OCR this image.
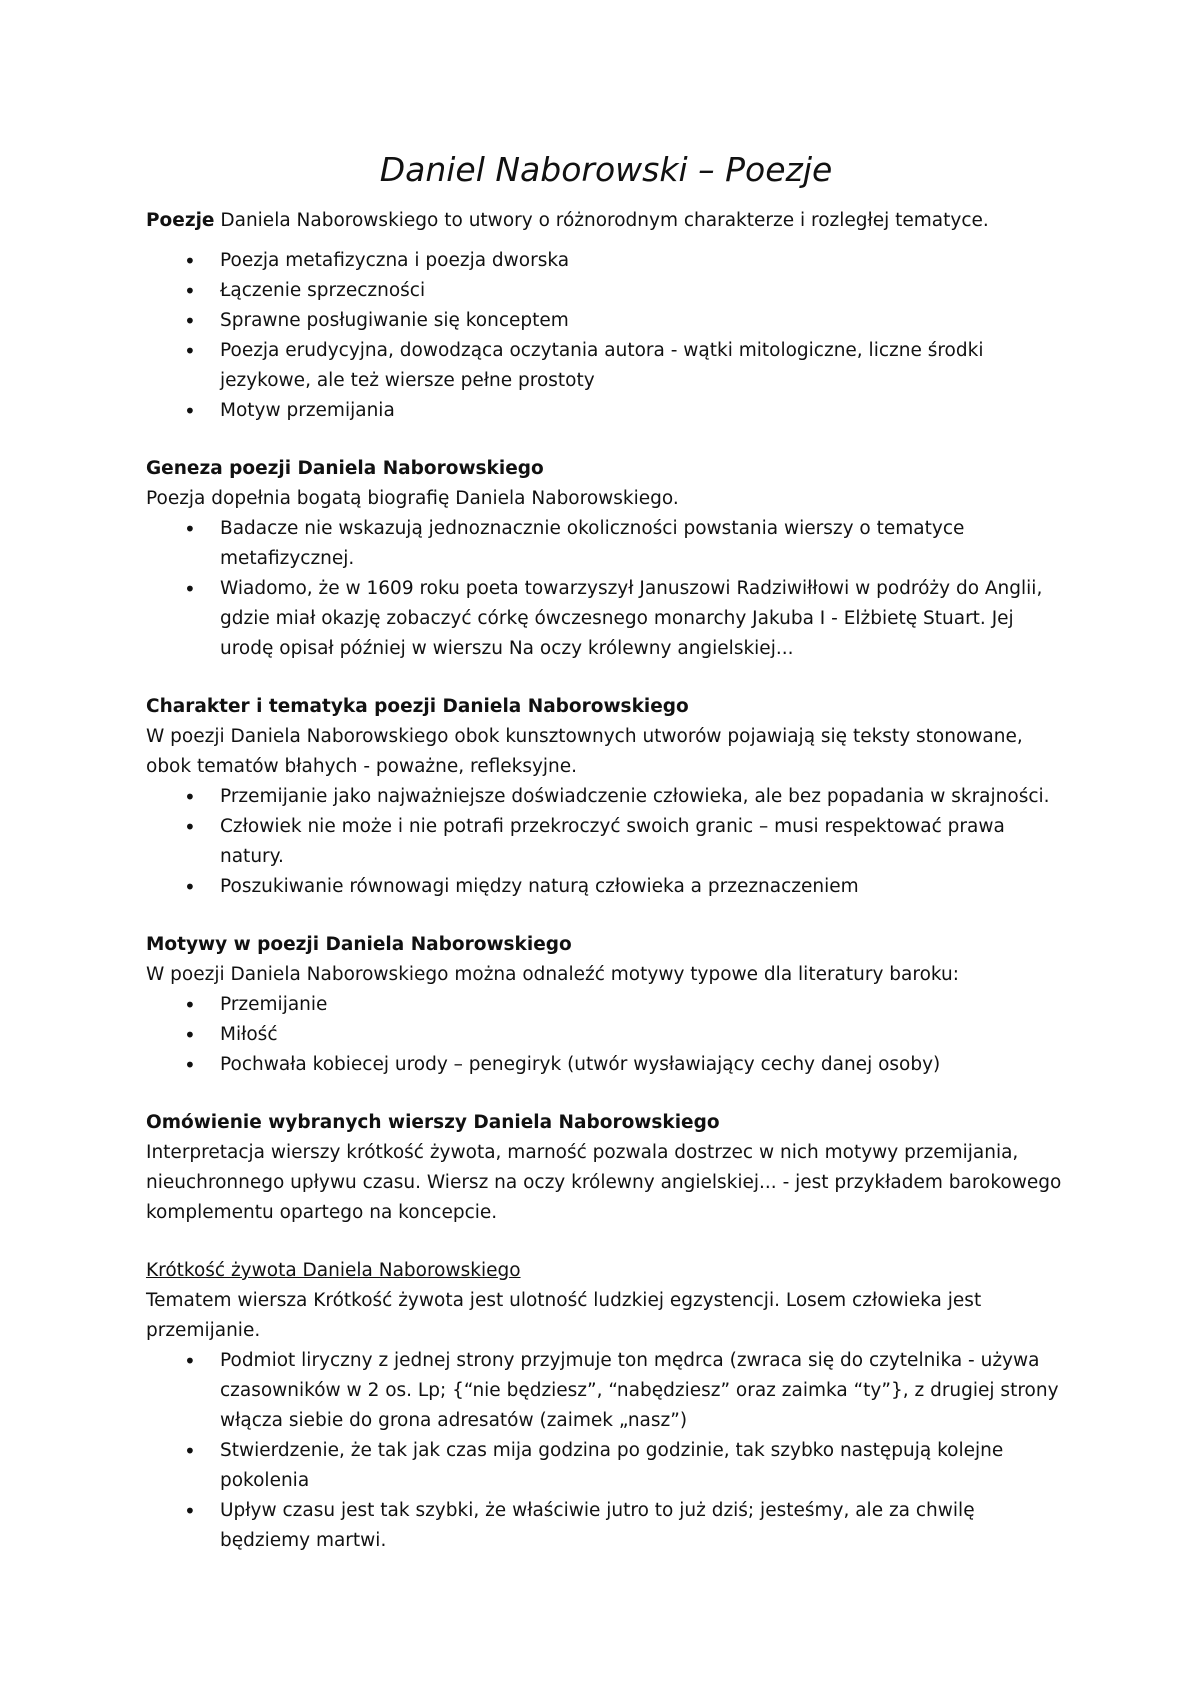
Daniel Naborowski – Poezje

Poezje Daniela Naborowskiego to utwory o różnorodnym charakterze i rozległej tematyce.

• Poezja metafizyczna i poezja dworska
• Łączenie sprzeczności
• Sprawne posługiwanie się konceptem
• Poezja erudycyjna, dowodząca oczytania autora - wątki mitologiczne, liczne środki jezykowe, ale też wiersze pełne prostoty
• Motyw przemijania

Geneza poezji Daniela Naborowskiego

Poezja dopełnia bogatą biografię Daniela Naborowskiego.

• Badacze nie wskazują jednoznacznie okoliczności powstania wierszy o tematyce metafizycznej.
• Wiadomo, że w 1609 roku poeta towarzyszył Januszowi Radziwiłłowi w podróży do Anglii, gdzie miał okazję zobaczyć córkę ówczesnego monarchy Jakuba I - Elżbietę Stuart. Jej urodę opisał później w wierszu Na oczy królewny angielskiej...

Charakter i tematyka poezji Daniela Naborowskiego

W poezji Daniela Naborowskiego obok kunsztownych utworów pojawiają się teksty stonowane, obok tematów błahych - poważne, refleksyjne.

• Przemijanie jako najważniejsze doświadczenie człowieka, ale bez popadania w skrajności.
• Człowiek nie może i nie potrafi przekroczyć swoich granic – musi respektować prawa natury.
• Poszukiwanie równowagi między naturą człowieka a przeznaczeniem

Motywy w poezji Daniela Naborowskiego

W poezji Daniela Naborowskiego można odnaleźć motywy typowe dla literatury baroku:

• Przemijanie
• Miłość
• Pochwała kobiecej urody – penegiryk (utwór wysławiający cechy danej osoby)

Omówienie wybranych wierszy Daniela Naborowskiego

Interpretacja wierszy krótkość żywota, marność pozwala dostrzec w nich motywy przemijania, nieuchronnego upływu czasu. Wiersz na oczy królewny angielskiej... - jest przykładem barokowego komplementu opartego na koncepcie.

Krótkość żywota Daniela Naborowskiego

Tematem wiersza Krótkość żywota jest ulotność ludzkiej egzystencji. Losem człowieka jest przemijanie.

• Podmiot liryczny z jednej strony przyjmuje ton mędrca (zwraca się do czytelnika - używa czasowników w 2 os. Lp; {“nie będziesz”, “nabędziesz” oraz zaimka “ty”}, z drugiej strony włącza siebie do grona adresatów (zaimek „nasz”)
• Stwierdzenie, że tak jak czas mija godzina po godzinie, tak szybko następują kolejne pokolenia
• Upływ czasu jest tak szybki, że właściwie jutro to już dziś; jesteśmy, ale za chwilę będziemy martwi.
